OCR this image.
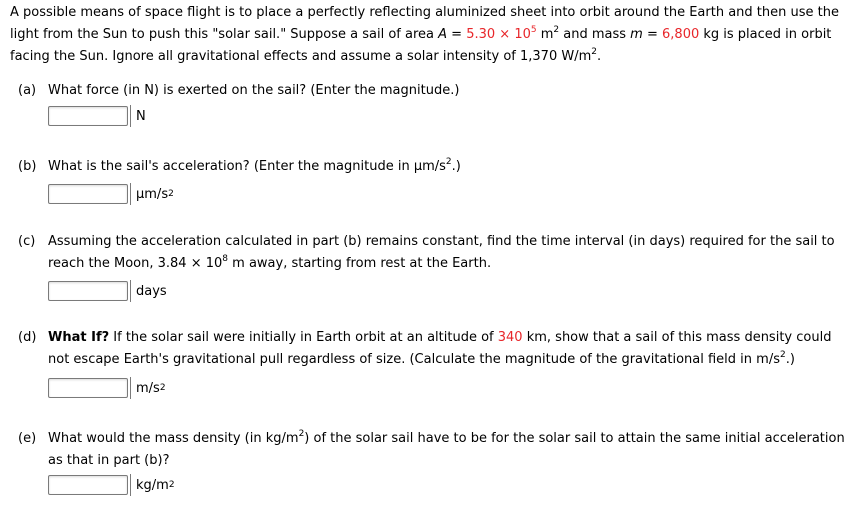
A possible means of space flight is to place a perfectly reflecting aluminized sheet into orbit around the Earth and then use the light from the Sun to push this "solar sail." Suppose a sail of area $A = 5.30 \times 10^5$ $m^2$ and mass m = 6,800 kg is placed in orbit facing the Sun. Ignore all gravitational effects and assume a solar intensity of 1,370 $W/m^2$.
(a) What force (in N) is exerted on the sail? (Enter the magnitude.)
N
(b) What is the sail's acceleration? (Enter the magnitude in $\mu m/s^2$.)
µm/s 2
(c) Assuming the acceleration calculated in part (b) remains constant, find the time interval (in days) required for the sail to reach the Moon, $3.84 \times 10^8$ m away, starting from rest at the Earth.
days
(d) What If? If the solar sail were initially in Earth orbit at an altitude of 340 km, show that a sail of this mass density could not escape Earth's gravitational pull regardless of size. (Calculate the magnitude of the gravitational field in $m/s^2$.)
m/s 2
(e) What would the mass density (in $kg/m^2$) of the solar sail have to be for the solar sail to attain the same initial acceleration as that in part (b)?
kg/m 2
